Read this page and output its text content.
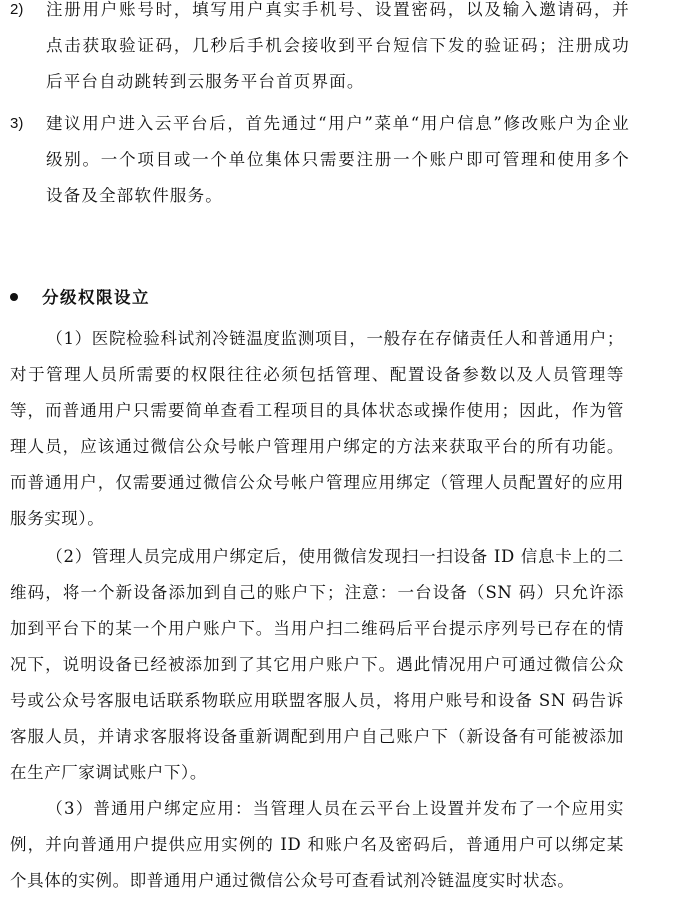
2) 注册用户账号时，填写用户真实手机号、设置密码，以及输入邀请码，并点击获取验证码，几秒后手机会接收到平台短信下发的验证码；注册成功后平台自动跳转到云服务平台首页界面。
3) 建议用户进入云平台后，首先通过“用户”菜单“用户信息”修改账户为企业级别。一个项目或一个单位集体只需要注册一个账户即可管理和使用多个设备及全部软件服务。
分级权限设立
（1）医院检验科试剂冷链温度监测项目，一般存在存储责任人和普通用户；对于管理人员所需要的权限往往必须包括管理、配置设备参数以及人员管理等等，而普通用户只需要简单查看工程项目的具体状态或操作使用；因此，作为管理人员，应该通过微信公众号帐户管理用户绑定的方法来获取平台的所有功能。而普通用户，仅需要通过微信公众号帐户管理应用绑定（管理人员配置好的应用服务实现）。
（2）管理人员完成用户绑定后，使用微信发现扫一扫设备 ID 信息卡上的二维码，将一个新设备添加到自己的账户下；注意：一台设备（SN 码）只允许添加到平台下的某一个用户账户下。当用户扫二维码后平台提示序列号已存在的情况下，说明设备已经被添加到了其它用户账户下。遇此情况用户可通过微信公众号或公众号客服电话联系物联应用联盟客服人员，将用户账号和设备 SN 码告诉客服人员，并请求客服将设备重新调配到用户自己账户下（新设备有可能被添加在生产厂家调试账户下）。
（3）普通用户绑定应用：当管理人员在云平台上设置并发布了一个应用实例，并向普通用户提供应用实例的 ID 和账户名及密码后，普通用户可以绑定某个具体的实例。即普通用户通过微信公众号可查看试剂冷链温度实时状态。
